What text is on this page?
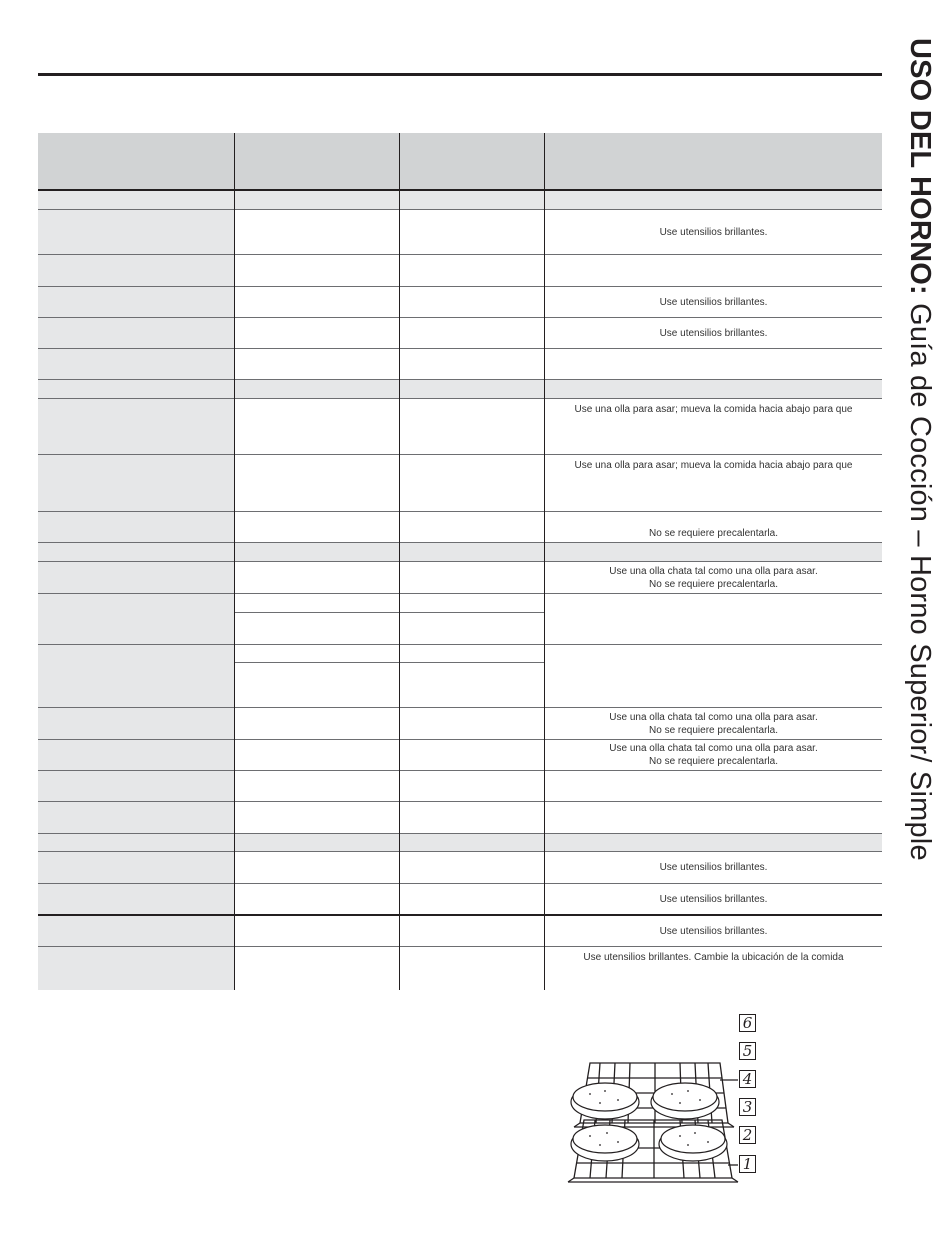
USO DEL HORNO: Guía de Cocción – Horno Superior/ Simple
Use utensilios brillantes.
Use utensilios brillantes.
Use utensilios brillantes.
Use una olla para asar; mueva la comida hacia abajo para que
Use una olla para asar; mueva la comida hacia abajo para que
No se requiere precalentarla.
Use una olla chata tal como una olla para asar.
No se requiere precalentarla.
Use una olla chata tal como una olla para asar.
No se requiere precalentarla.
Use una olla chata tal como una olla para asar.
No se requiere precalentarla.
Use utensilios brillantes.
Use utensilios brillantes.
Use utensilios brillantes.
Use utensilios brillantes. Cambie la ubicación de la comida
6
5
4
3
2
1
